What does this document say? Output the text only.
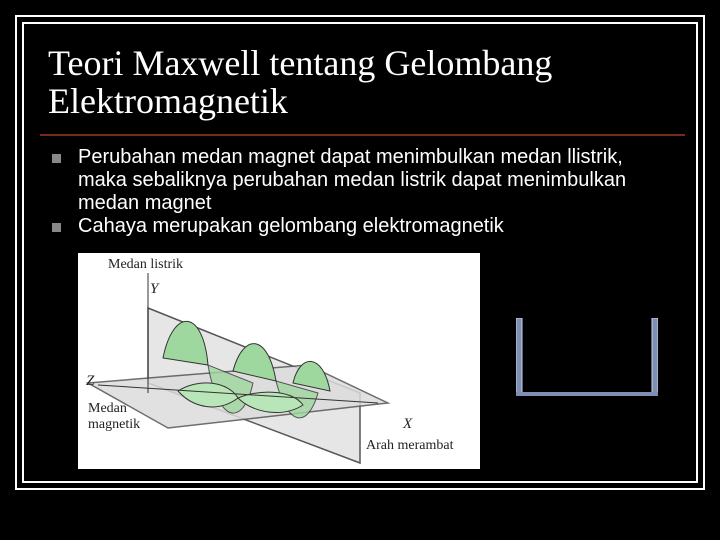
Teori Maxwell tentang Gelombang
Elektromagnetik
Perubahan medan magnet dapat menimbulkan medan llistrik, maka sebaliknya perubahan medan listrik dapat menimbulkan medan magnet
Cahaya merupakan gelombang elektromagnetik
Medan listrik
Y
Z
Medan
magnetik	X
Arah merambat
